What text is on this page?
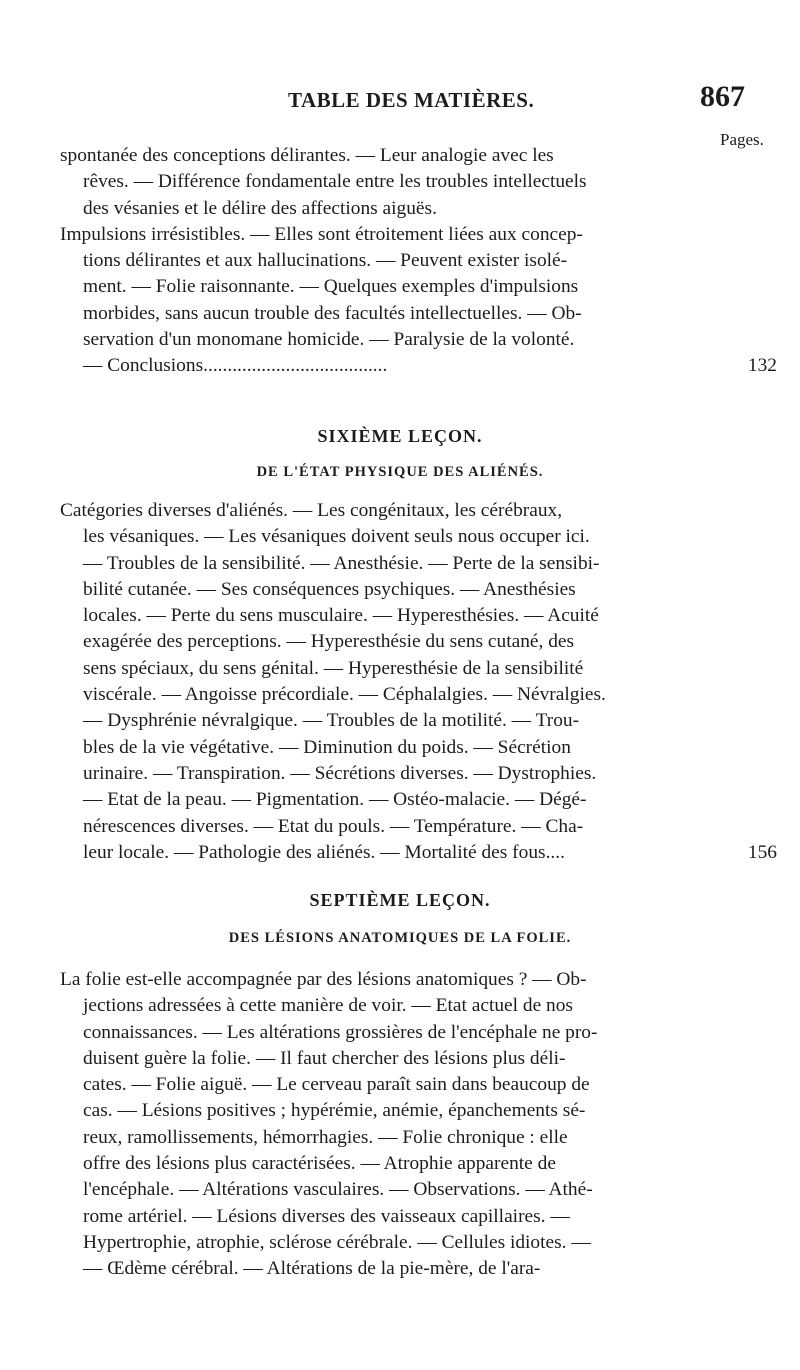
TABLE DES MATIÈRES.	867
Pages.
spontanée des conceptions délirantes. — Leur analogie avec les
rêves. — Différence fondamentale entre les troubles intellectuels
des vésanies et le délire des affections aiguës.
Impulsions irrésistibles. — Elles sont étroitement liées aux concep-
tions délirantes et aux hallucinations. — Peuvent exister isolé-
ment. — Folie raisonnante. — Quelques exemples d'impulsions
morbides, sans aucun trouble des facultés intellectuelles. — Ob-
servation d'un monomane homicide. — Paralysie de la volonté.
— Conclusions......................................	132
SIXIÈME LEÇON.
DE L'ÉTAT PHYSIQUE DES ALIÉNÉS.
Catégories diverses d'aliénés. — Les congénitaux, les cérébraux,
les vésaniques. — Les vésaniques doivent seuls nous occuper ici.
— Troubles de la sensibilité. — Anesthésie. — Perte de la sensibi-
bilité cutanée. — Ses conséquences psychiques. — Anesthésies
locales. — Perte du sens musculaire. — Hyperesthésies. — Acuité
exagérée des perceptions. — Hyperesthésie du sens cutané, des
sens spéciaux, du sens génital. — Hyperesthésie de la sensibilité
viscérale. — Angoisse précordiale. — Céphalalgies. — Névralgies.
— Dysphrénie névralgique. — Troubles de la motilité. — Trou-
bles de la vie végétative. — Diminution du poids. — Sécrétion
urinaire. — Transpiration. — Sécrétions diverses. — Dystrophies.
— Etat de la peau. — Pigmentation. — Ostéo-malacie. — Dégé-
nérescences diverses. — Etat du pouls. — Température. — Cha-
leur locale. — Pathologie des aliénés. — Mortalité des fous....	156
SEPTIÈME LEÇON.
DES LÉSIONS ANATOMIQUES DE LA FOLIE.
La folie est-elle accompagnée par des lésions anatomiques ? — Ob-
jections adressées à cette manière de voir. — Etat actuel de nos
connaissances. — Les altérations grossières de l'encéphale ne pro-
duisent guère la folie. — Il faut chercher des lésions plus déli-
cates. — Folie aiguë. — Le cerveau paraît sain dans beaucoup de
cas. — Lésions positives ; hypérémie, anémie, épanchements sé-
reux, ramollissements, hémorrhagies. — Folie chronique : elle
offre des lésions plus caractérisées. — Atrophie apparente de
l'encéphale. — Altérations vasculaires. — Observations. — Athé-
rome artériel. — Lésions diverses des vaisseaux capillaires. —
Hypertrophie, atrophie, sclérose cérébrale. — Cellules idiotes. —
— Œdème cérébral. — Altérations de la pie-mère, de l'ara-
